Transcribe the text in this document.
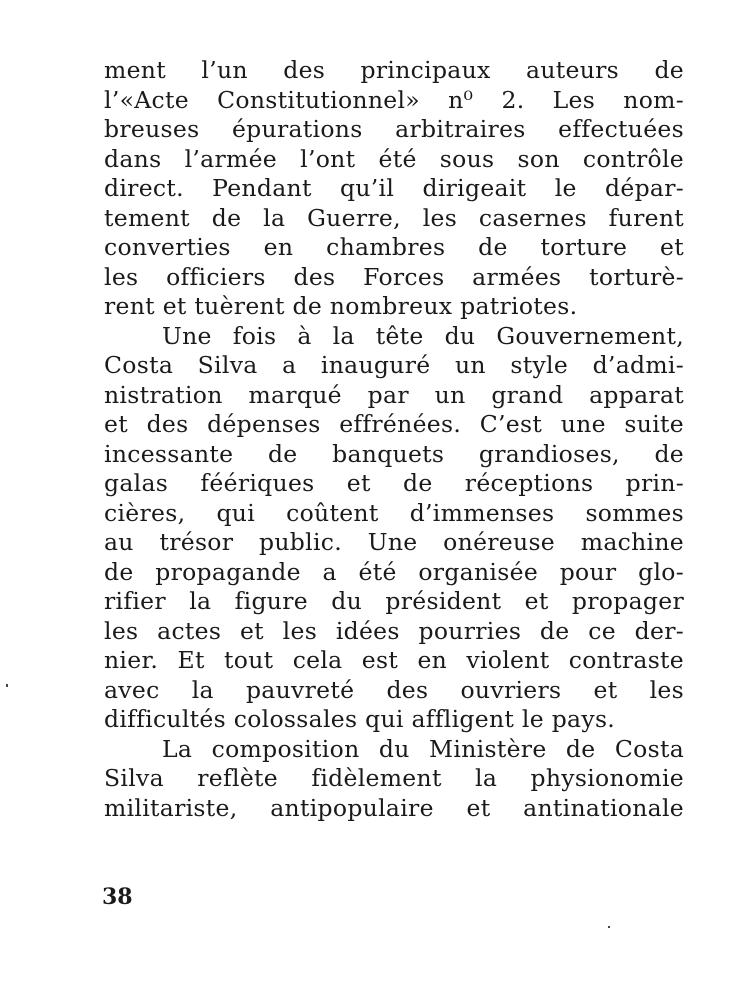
ment l’un des principaux auteurs de
l’«Acte Constitutionnel» n⁰ 2. Les nom-
breuses épurations arbitraires effectuées
dans l’armée l’ont été sous son contrôle
direct. Pendant qu’il dirigeait le dépar-
tement de la Guerre, les casernes furent
converties en chambres de torture et
les officiers des Forces armées torturè-
rent et tuèrent de nombreux patriotes.
Une fois à la tête du Gouvernement,
Costa Silva a inauguré un style d’admi-
nistration marqué par un grand apparat
et des dépenses effrénées. C’est une suite
incessante de banquets grandioses, de
galas féériques et de réceptions prin-
cières, qui coûtent d’immenses sommes
au trésor public. Une onéreuse machine
de propagande a été organisée pour glo-
rifier la figure du président et propager
les actes et les idées pourries de ce der-
nier. Et tout cela est en violent contraste
avec la pauvreté des ouvriers et les
difficultés colossales qui affligent le pays.
La composition du Ministère de Costa
Silva reflète fidèlement la physionomie
militariste, antipopulaire et antinationale
38
